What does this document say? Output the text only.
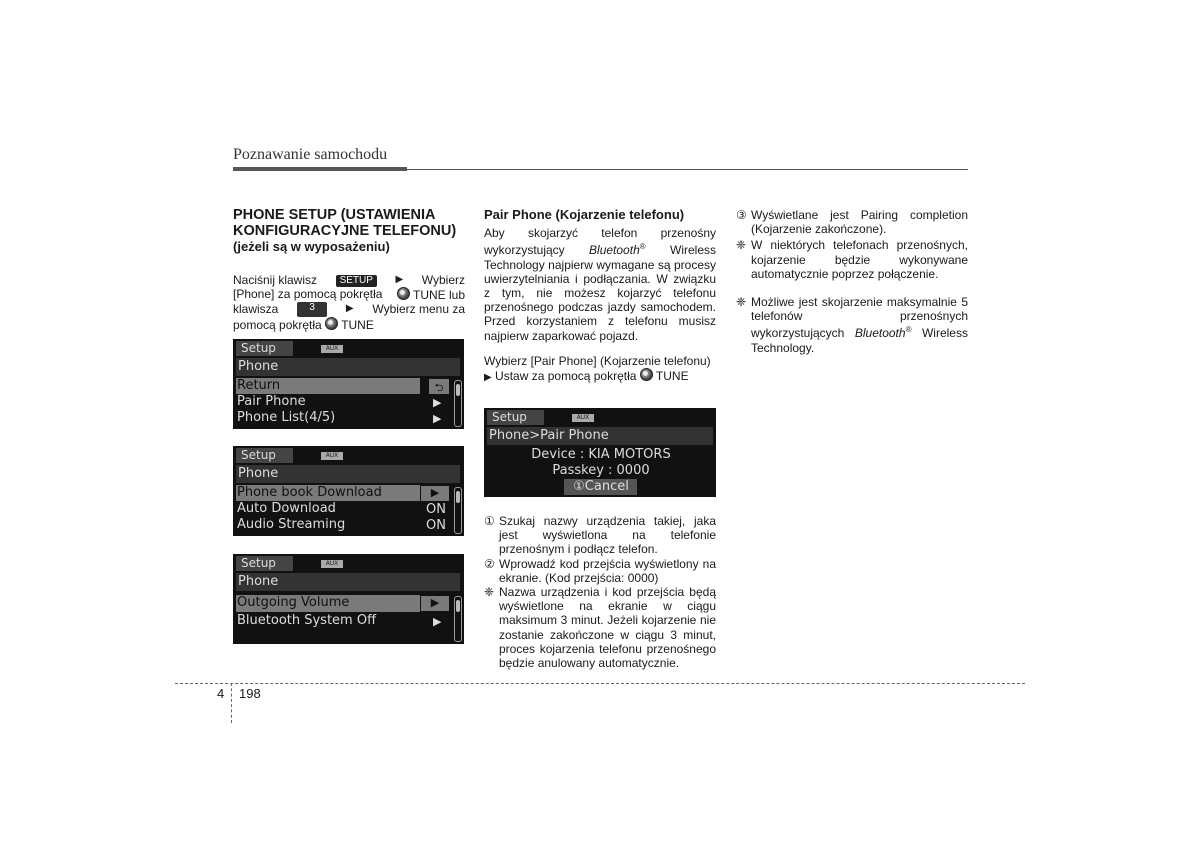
Poznawanie samochodu
PHONE SETUP (USTAWIENIA
KONFIGURACYJNE TELEFONU)
(jeżeli są w wyposażeniu)
Naciśnij klawisz	SETUP	▶ Wybierz
[Phone] za pomocą pokrętła	TUNE lub
klawisza	3	▶ Wybierz menu za
pomocą pokrętła TUNE
Setup	AUX
Phone
Return	⮌
Pair Phone	▶
Phone List(4/5)	▶
Setup	AUX
Phone
Phone book Download	▶
Auto Download	ON
Audio Streaming	ON
Setup	AUX
Phone
Outgoing Volume	▶
Bluetooth System Off	▶
Pair Phone (Kojarzenie telefonu)
Aby skojarzyć telefon przenośny wykorzystujący Bluetooth® Wireless Technology najpierw wymagane są procesy uwierzytelniania i podłączania. W związku z tym, nie możesz kojarzyć telefonu przenośnego podczas jazdy samochodem. Przed korzystaniem z telefonu musisz najpierw zaparkować pojazd.
Wybierz [Pair Phone] (Kojarzenie telefonu)
▶ Ustaw za pomocą pokrętła TUNE
Setup	AUX
Phone>Pair Phone
Device : KIA MOTORS
Passkey : 0000
①Cancel
① Szukaj nazwy urządzenia takiej, jaka jest wyświetlona na telefonie przenośnym i podłącz telefon.
② Wprowadź kod przejścia wyświetlony na ekranie. (Kod przejścia: 0000)
❈ Nazwa urządzenia i kod przejścia będą wyświetlone na ekranie w ciągu maksimum 3 minut. Jeżeli kojarzenie nie zostanie zakończone w ciągu 3 minut, proces kojarzenia telefonu przenośnego będzie anulowany automatycznie.
③ Wyświetlane jest Pairing completion (Kojarzenie zakończone).
❈ W niektórych telefonach przenośnych, kojarzenie będzie wykonywane automatycznie poprzez połączenie.
❈ Możliwe jest skojarzenie maksymalnie 5 telefonów przenośnych wykorzystujących Bluetooth® Wireless Technology.
4 198
